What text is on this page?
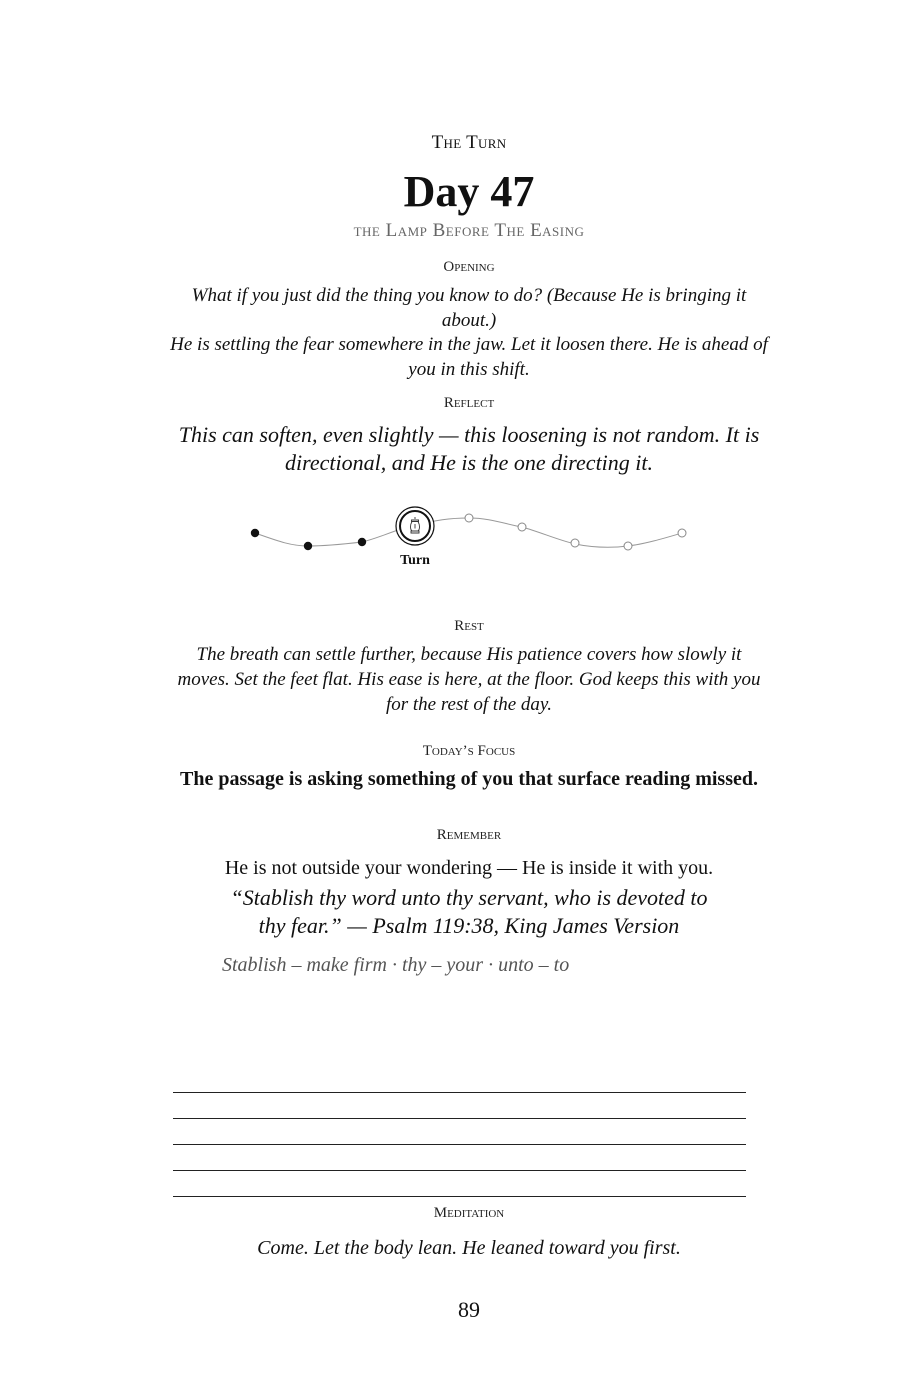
The Turn
Day 47
the Lamp Before The Easing
Opening
What if you just did the thing you know to do? (Because He is bringing it about.)
He is settling the fear somewhere in the jaw. Let it loosen there. He is ahead of you in this shift.
Reflect
This can soften, even slightly — this loosening is not random. It is directional, and He is the one directing it.
Turn
Rest
The breath can settle further, because His patience covers how slowly it moves. Set the feet flat. His ease is here, at the floor. God keeps this with you for the rest of the day.
Today’s Focus
The passage is asking something of you that surface reading missed.
Remember
He is not outside your wondering — He is inside it with you.
“Stablish thy word unto thy servant, who is devoted to
thy fear.” — Psalm 119:38, King James Version
Stablish – make firm · thy – your · unto – to
Meditation
Come. Let the body lean. He leaned toward you first.
89
